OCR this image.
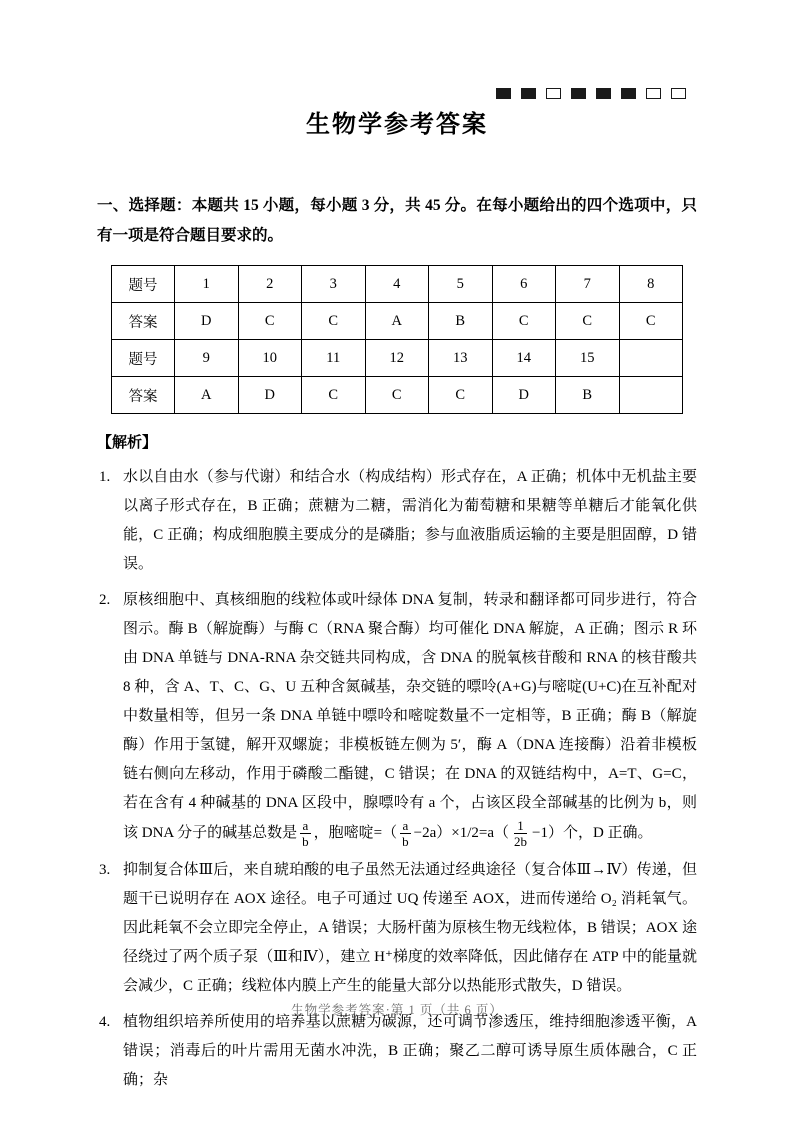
生物学参考答案

一、选择题：本题共 15 小题，每小题 3 分，共 45 分。在每小题给出的四个选项中，只有一项是符合题目要求的。

题号	1	2	3	4	5	6	7	8
答案	D	C	C	A	B	C	C	C
题号	9	10	11	12	13	14	15	
答案	A	D	C	C	C	D	B	

【解析】

1. 水以自由水（参与代谢）和结合水（构成结构）形式存在，A 正确；机体中无机盐主要以离子形式存在，B 正确；蔗糖为二糖，需消化为葡萄糖和果糖等单糖后才能氧化供能，C 正确；构成细胞膜主要成分的是磷脂；参与血液脂质运输的主要是胆固醇，D 错误。
2. 原核细胞中、真核细胞的线粒体或叶绿体 DNA 复制，转录和翻译都可同步进行，符合图示。酶 B（解旋酶）与酶 C（RNA 聚合酶）均可催化 DNA 解旋，A 正确；图示 R 环由 DNA 单链与 DNA-RNA 杂交链共同构成，含 DNA 的脱氧核苷酸和 RNA 的核苷酸共 8 种，含 A、T、C、G、U 五种含氮碱基，杂交链的嘌呤(A+G)与嘧啶(U+C)在互补配对中数量相等，但另一条 DNA 单链中嘌呤和嘧啶数量不一定相等，B 正确；酶 B（解旋酶）作用于氢键，解开双螺旋；非模板链左侧为 5′，酶 A（DNA 连接酶）沿着非模板链右侧向左移动，作用于磷酸二酯键，C 错误；在 DNA 的双链结构中，A=T、G=C，若在含有 4 种碱基的 DNA 区段中，腺嘌呤有 a 个，占该区段全部碱基的比例为 b，则该 DNA 分子的碱基总数是 $\frac{a}{b}$ ，胞嘧啶=（ $\frac{a}{b} -2a)\times 1/2=a( \frac{1}{2b} -1)$个，D 正确。
3. 抑制复合体Ⅲ后，来自琥珀酸的电子虽然无法通过经典途径（复合体Ⅲ→Ⅳ）传递，但题干已说明存在 AOX 途径。电子可通过 UQ 传递至 AOX，进而传递给 O₂ 消耗氧气。因此耗氧不会立即完全停止，A 错误；大肠杆菌为原核生物无线粒体，B 错误；AOX 途径绕过了两个质子泵（Ⅲ和Ⅳ），建立 H⁺梯度的效率降低，因此储存在 ATP 中的能量就会减少，C 正确；线粒体内膜上产生的能量大部分以热能形式散失，D 错误。
4. 植物组织培养所使用的培养基以蔗糖为碳源，还可调节渗透压，维持细胞渗透平衡，A 错误；消毒后的叶片需用无菌水冲洗，B 正确；聚乙二醇可诱导原生质体融合，C 正确；杂
生物学参考答案·第 1 页（共 6 页）
